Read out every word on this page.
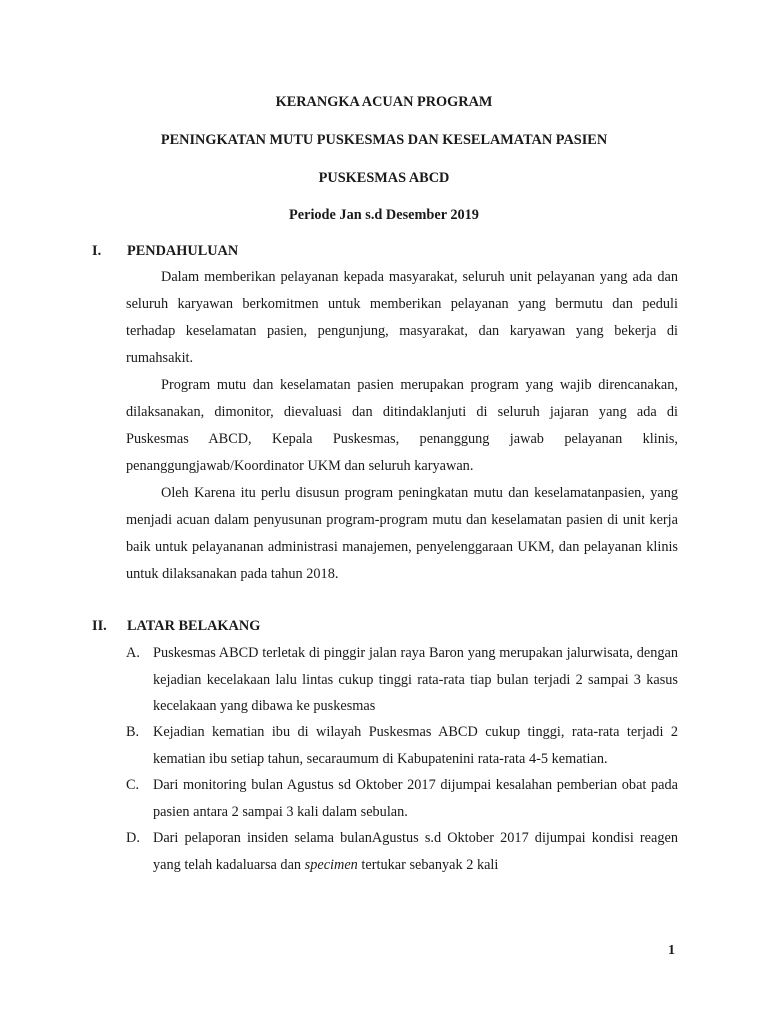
KERANGKA ACUAN PROGRAM

PENINGKATAN MUTU PUSKESMAS DAN KESELAMATAN PASIEN

PUSKESMAS ABCD

Periode Jan s.d Desember 2019

I.	PENDAHULUAN

Dalam memberikan pelayanan kepada masyarakat, seluruh unit pelayanan yang ada dan seluruh karyawan berkomitmen untuk memberikan pelayanan yang bermutu dan peduli terhadap keselamatan pasien, pengunjung, masyarakat, dan karyawan yang bekerja di rumahsakit.

Program mutu dan keselamatan pasien merupakan program yang wajib direncanakan, dilaksanakan, dimonitor, dievaluasi dan ditindaklanjuti di seluruh jajaran yang ada di Puskesmas ABCD, Kepala Puskesmas, penanggung jawab pelayanan klinis, penanggungjawab/Koordinator UKM dan seluruh karyawan.

Oleh Karena itu perlu disusun program peningkatan mutu dan keselamatanpasien, yang menjadi acuan dalam penyusunan program-program mutu dan keselamatan pasien di unit kerja baik untuk pelayananan administrasi manajemen, penyelenggaraan UKM, dan pelayanan klinis untuk dilaksanakan pada tahun 2018.

II.	LATAR BELAKANG
A. Puskesmas ABCD terletak di pinggir jalan raya Baron yang merupakan jalurwisata, dengan kejadian kecelakaan lalu lintas cukup tinggi rata-rata tiap bulan terjadi 2 sampai 3 kasus kecelakaan yang dibawa ke puskesmas
B. Kejadian kematian ibu di wilayah Puskesmas ABCD cukup tinggi, rata-rata terjadi 2 kematian ibu setiap tahun, secaraumum di Kabupatenini rata-rata 4-5 kematian.
C. Dari monitoring bulan Agustus sd Oktober 2017 dijumpai kesalahan pemberian obat pada pasien antara 2 sampai 3 kali dalam sebulan.
D. Dari pelaporan insiden selama bulanAgustus s.d Oktober 2017 dijumpai kondisi reagen yang telah kadaluarsa dan specimen tertukar sebanyak 2 kali
1
